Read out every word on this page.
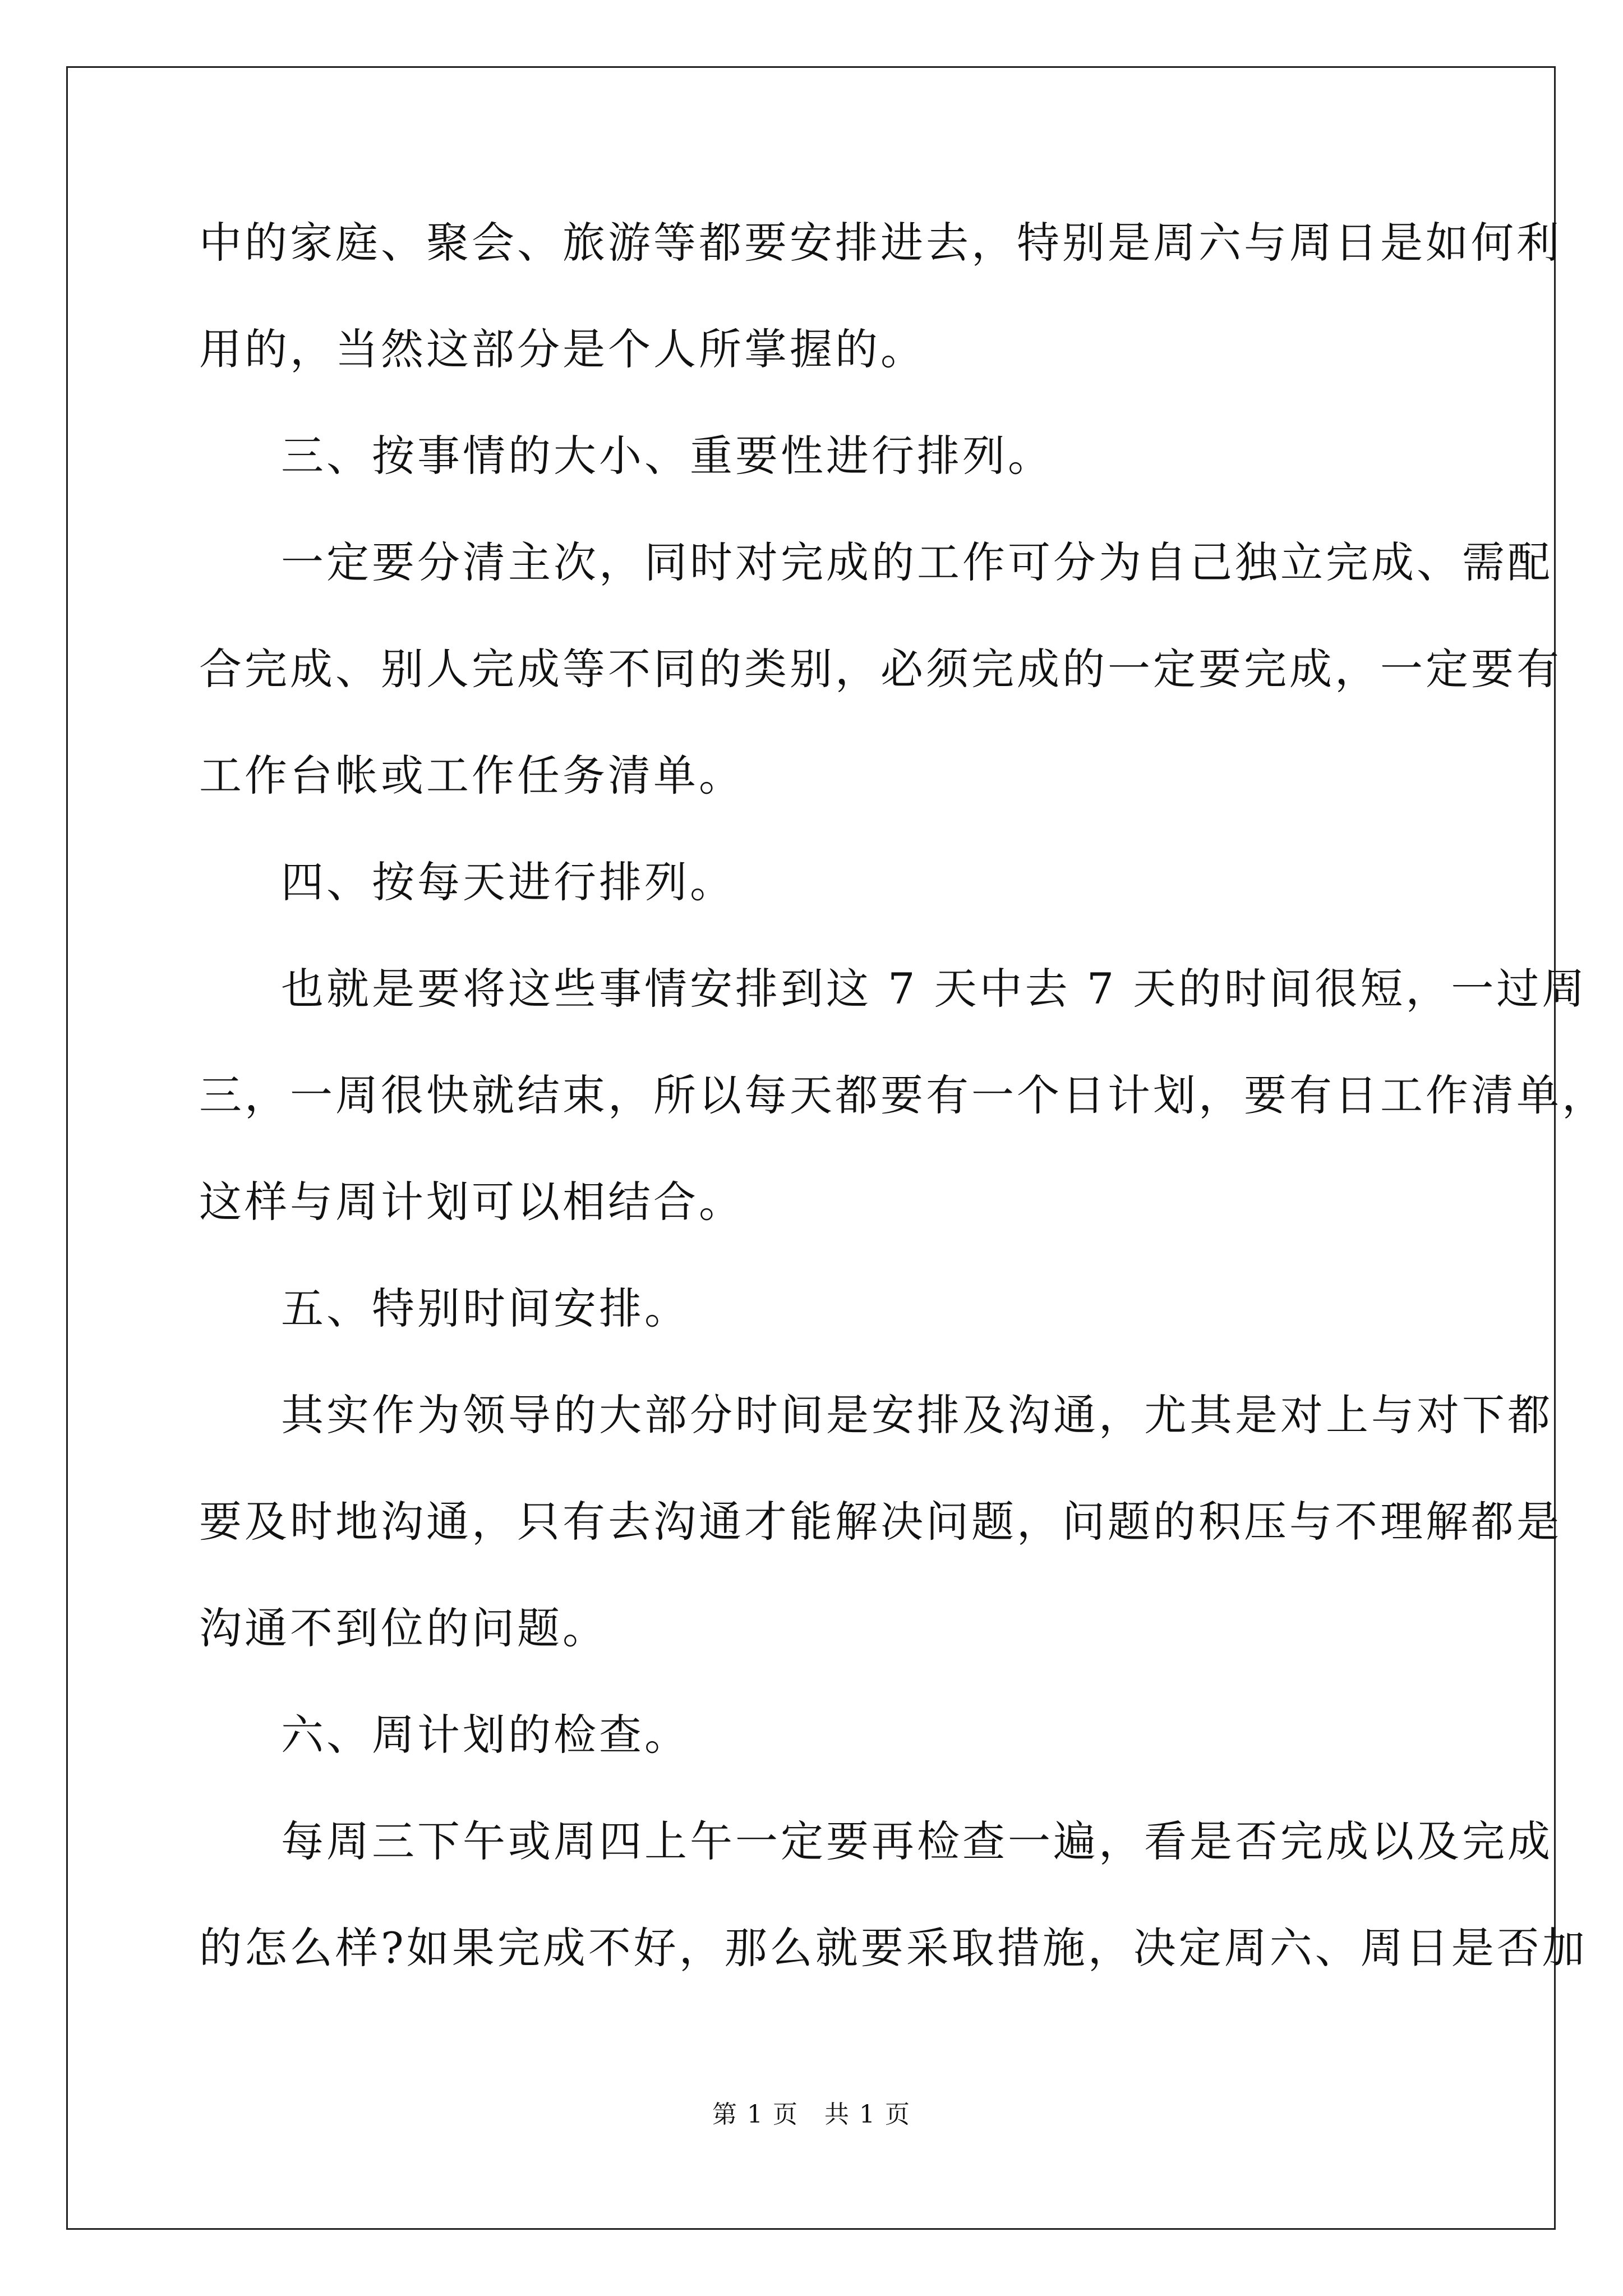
中的家庭、聚会、旅游等都要安排进去，特别是周六与周日是如何利
用的，当然这部分是个人所掌握的。
三、按事情的大小、重要性进行排列。
一定要分清主次，同时对完成的工作可分为自己独立完成、需配
合完成、别人完成等不同的类别，必须完成的一定要完成，一定要有
工作台帐或工作任务清单。
四、按每天进行排列。
也就是要将这些事情安排到这 7 天中去 7 天的时间很短，一过周
三，一周很快就结束，所以每天都要有一个日计划，要有日工作清单，
这样与周计划可以相结合。
五、特别时间安排。
其实作为领导的大部分时间是安排及沟通，尤其是对上与对下都
要及时地沟通，只有去沟通才能解决问题，问题的积压与不理解都是
沟通不到位的问题。
六、周计划的检查。
每周三下午或周四上午一定要再检查一遍，看是否完成以及完成
的怎么样?如果完成不好，那么就要采取措施，决定周六、周日是否加
第 1 页　共 1 页
